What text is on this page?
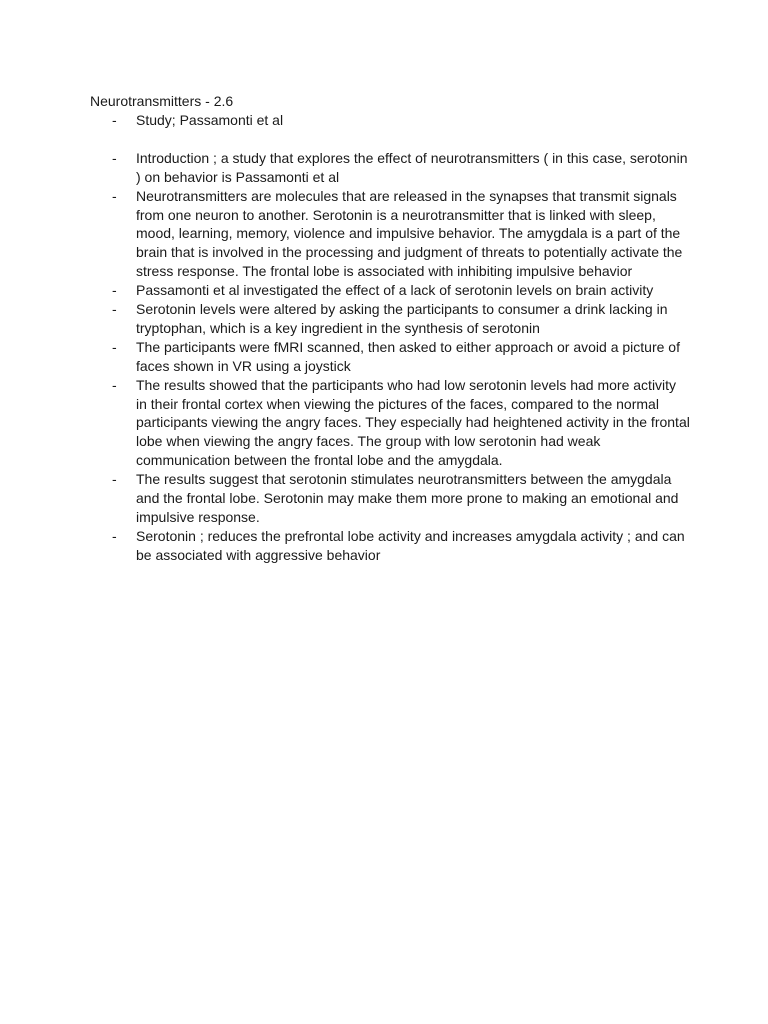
Neurotransmitters - 2.6
- Study; Passamonti et al
- Introduction ; a study that explores the effect of neurotransmitters ( in this case, serotonin ) on behavior is Passamonti et al
- Neurotransmitters are molecules that are released in the synapses that transmit signals from one neuron to another. Serotonin is a neurotransmitter that is linked with sleep, mood, learning, memory, violence and impulsive behavior. The amygdala is a part of the brain that is involved in the processing and judgment of threats to potentially activate the stress response. The frontal lobe is associated with inhibiting impulsive behavior
- Passamonti et al investigated the effect of a lack of serotonin levels on brain activity
- Serotonin levels were altered by asking the participants to consumer a drink lacking in tryptophan, which is a key ingredient in the synthesis of serotonin
- The participants were fMRI scanned, then asked to either approach or avoid a picture of faces shown in VR using a joystick
- The results showed that the participants who had low serotonin levels had more activity in their frontal cortex when viewing the pictures of the faces, compared to the normal participants viewing the angry faces. They especially had heightened activity in the frontal lobe when viewing the angry faces. The group with low serotonin had weak communication between the frontal lobe and the amygdala.
- The results suggest that serotonin stimulates neurotransmitters between the amygdala and the frontal lobe. Serotonin may make them more prone to making an emotional and impulsive response.
- Serotonin ; reduces the prefrontal lobe activity and increases amygdala activity ; and can be associated with aggressive behavior
